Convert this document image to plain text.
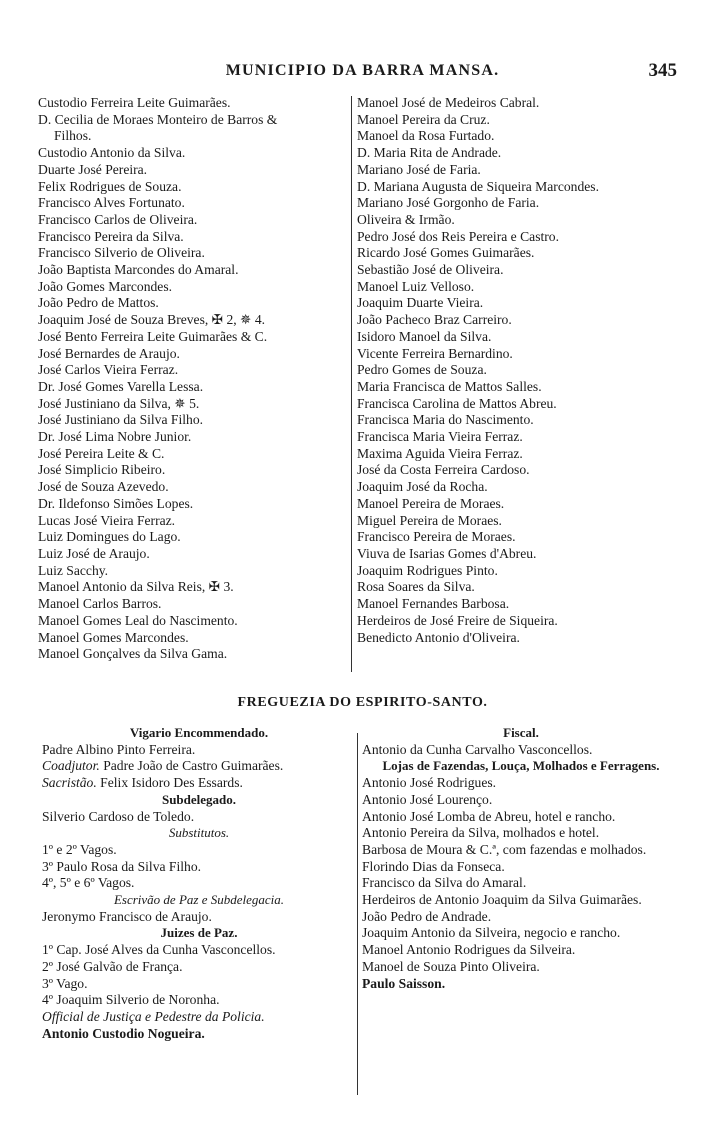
MUNICIPIO DA BARRA MANSA.	345
Custodio Ferreira Leite Guimarães.
D. Cecilia de Moraes Monteiro de Barros &
Filhos.
Custodio Antonio da Silva.
Duarte José Pereira.
Felix Rodrigues de Souza.
Francisco Alves Fortunato.
Francisco Carlos de Oliveira.
Francisco Pereira da Silva.
Francisco Silverio de Oliveira.
João Baptista Marcondes do Amaral.
João Gomes Marcondes.
João Pedro de Mattos.
Joaquim José de Souza Breves, ✠ 2, ✵ 4.
José Bento Ferreira Leite Guimarães & C.
José Bernardes de Araujo.
José Carlos Vieira Ferraz.
Dr. José Gomes Varella Lessa.
José Justiniano da Silva, ✵ 5.
José Justiniano da Silva Filho.
Dr. José Lima Nobre Junior.
José Pereira Leite & C.
José Simplicio Ribeiro.
José de Souza Azevedo.
Dr. Ildefonso Simões Lopes.
Lucas José Vieira Ferraz.
Luiz Domingues do Lago.
Luiz José de Araujo.
Luiz Sacchy.
Manoel Antonio da Silva Reis, ✠ 3.
Manoel Carlos Barros.
Manoel Gomes Leal do Nascimento.
Manoel Gomes Marcondes.
Manoel Gonçalves da Silva Gama.
Manoel José de Medeiros Cabral.
Manoel Pereira da Cruz.
Manoel da Rosa Furtado.
D. Maria Rita de Andrade.
Mariano José de Faria.
D. Mariana Augusta de Siqueira Marcondes.
Mariano José Gorgonho de Faria.
Oliveira & Irmão.
Pedro José dos Reis Pereira e Castro.
Ricardo José Gomes Guimarães.
Sebastião José de Oliveira.
Manoel Luiz Velloso.
Joaquim Duarte Vieira.
João Pacheco Braz Carreiro.
Isidoro Manoel da Silva.
Vicente Ferreira Bernardino.
Pedro Gomes de Souza.
Maria Francisca de Mattos Salles.
Francisca Carolina de Mattos Abreu.
Francisca Maria do Nascimento.
Francisca Maria Vieira Ferraz.
Maxima Aguida Vieira Ferraz.
José da Costa Ferreira Cardoso.
Joaquim José da Rocha.
Manoel Pereira de Moraes.
Miguel Pereira de Moraes.
Francisco Pereira de Moraes.
Viuva de Isarias Gomes d'Abreu.
Joaquim Rodrigues Pinto.
Rosa Soares da Silva.
Manoel Fernandes Barbosa.
Herdeiros de José Freire de Siqueira.
Benedicto Antonio d'Oliveira.
FREGUEZIA DO ESPIRITO-SANTO.
Vigario Encommendado.
Padre Albino Pinto Ferreira.
Coadjutor. Padre João de Castro Guimarães.
Sacristão. Felix Isidoro Des Essards.
Subdelegado.
Silverio Cardoso de Toledo.
Substitutos.
1º e 2º Vagos.
3º Paulo Rosa da Silva Filho.
4º, 5º e 6º Vagos.
Escrivão de Paz e Subdelegacia.
Jeronymo Francisco de Araujo.
Juizes de Paz.
1º Cap. José Alves da Cunha Vasconcellos.
2º José Galvão de França.
3º Vago.
4º Joaquim Silverio de Noronha.
Official de Justiça e Pedestre da Policia.
Antonio Custodio Nogueira.
Fiscal.
Antonio da Cunha Carvalho Vasconcellos.
Lojas de Fazendas, Louça, Molhados e Ferragens.
Antonio José Rodrigues.
Antonio José Lourenço.
Antonio José Lomba de Abreu, hotel e rancho.
Antonio Pereira da Silva, molhados e hotel.
Barbosa de Moura & C.ª, com fazendas e molhados.
Florindo Dias da Fonseca.
Francisco da Silva do Amaral.
Herdeiros de Antonio Joaquim da Silva Guimarães.
João Pedro de Andrade.
Joaquim Antonio da Silveira, negocio e rancho.
Manoel Antonio Rodrigues da Silveira.
Manoel de Souza Pinto Oliveira.
Paulo Saisson.
